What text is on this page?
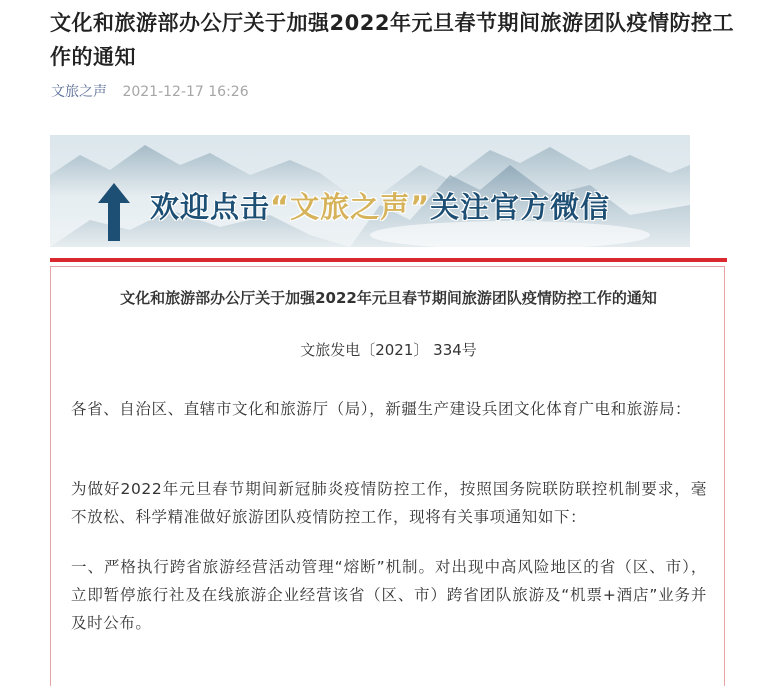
文化和旅游部办公厅关于加强2022年元旦春节期间旅游团队疫情防控工作的通知
文旅之声 2021-12-17 16:26
欢迎点击“文旅之声”关注官方微信
文化和旅游部办公厅关于加强2022年元旦春节期间旅游团队疫情防控工作的通知
文旅发电〔2021〕 334号
各省、自治区、直辖市文化和旅游厅（局），新疆生产建设兵团文化体育广电和旅游局：
为做好2022年元旦春节期间新冠肺炎疫情防控工作，按照国务院联防联控机制要求，毫不放松、科学精准做好旅游团队疫情防控工作，现将有关事项通知如下：
一、严格执行跨省旅游经营活动管理“熔断”机制。对出现中高风险地区的省（区、市），立即暂停旅行社及在线旅游企业经营该省（区、市）跨省团队旅游及“机票+酒店”业务并及时公布。
